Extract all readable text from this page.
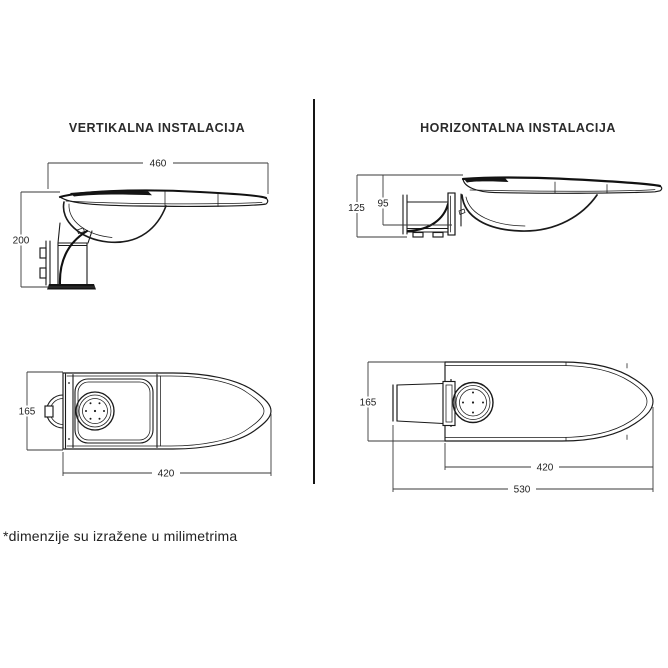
VERTIKALNA INSTALACIJA	HORIZONTALNA INSTALACIJA
460
200
125 95
165
420
165
420
530
*dimenzije su izražene u milimetrima
